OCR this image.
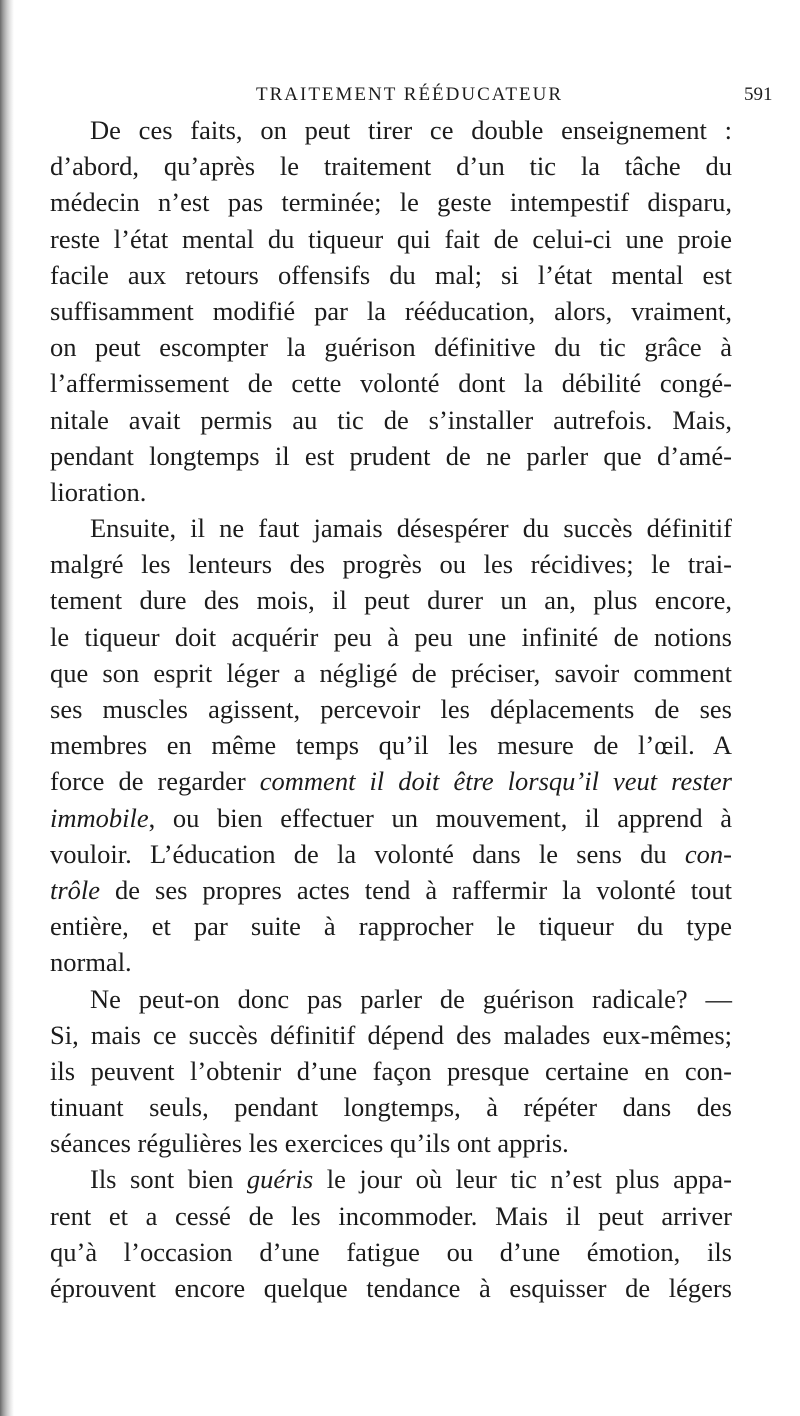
TRAITEMENT RÉÉDUCATEUR	591
De ces faits, on peut tirer ce double enseignement :
d’abord, qu’après le traitement d’un tic la tâche du
médecin n’est pas terminée; le geste intempestif disparu,
reste l’état mental du tiqueur qui fait de celui-ci une proie
facile aux retours offensifs du mal; si l’état mental est
suffisamment modifié par la rééducation, alors, vraiment,
on peut escompter la guérison définitive du tic grâce à
l’affermissement de cette volonté dont la débilité congé-
nitale avait permis au tic de s’installer autrefois. Mais,
pendant longtemps il est prudent de ne parler que d’amé-
lioration.
Ensuite, il ne faut jamais désespérer du succès définitif
malgré les lenteurs des progrès ou les récidives; le trai-
tement dure des mois, il peut durer un an, plus encore,
le tiqueur doit acquérir peu à peu une infinité de notions
que son esprit léger a négligé de préciser, savoir comment
ses muscles agissent, percevoir les déplacements de ses
membres en même temps qu’il les mesure de l’œil. A
force de regarder comment il doit être lorsqu’il veut rester
immobile, ou bien effectuer un mouvement, il apprend à
vouloir. L’éducation de la volonté dans le sens du con-
trôle de ses propres actes tend à raffermir la volonté tout
entière, et par suite à rapprocher le tiqueur du type
normal.
Ne peut-on donc pas parler de guérison radicale? —
Si, mais ce succès définitif dépend des malades eux-mêmes;
ils peuvent l’obtenir d’une façon presque certaine en con-
tinuant seuls, pendant longtemps, à répéter dans des
séances régulières les exercices qu’ils ont appris.
Ils sont bien guéris le jour où leur tic n’est plus appa-
rent et a cessé de les incommoder. Mais il peut arriver
qu’à l’occasion d’une fatigue ou d’une émotion, ils
éprouvent encore quelque tendance à esquisser de légers
